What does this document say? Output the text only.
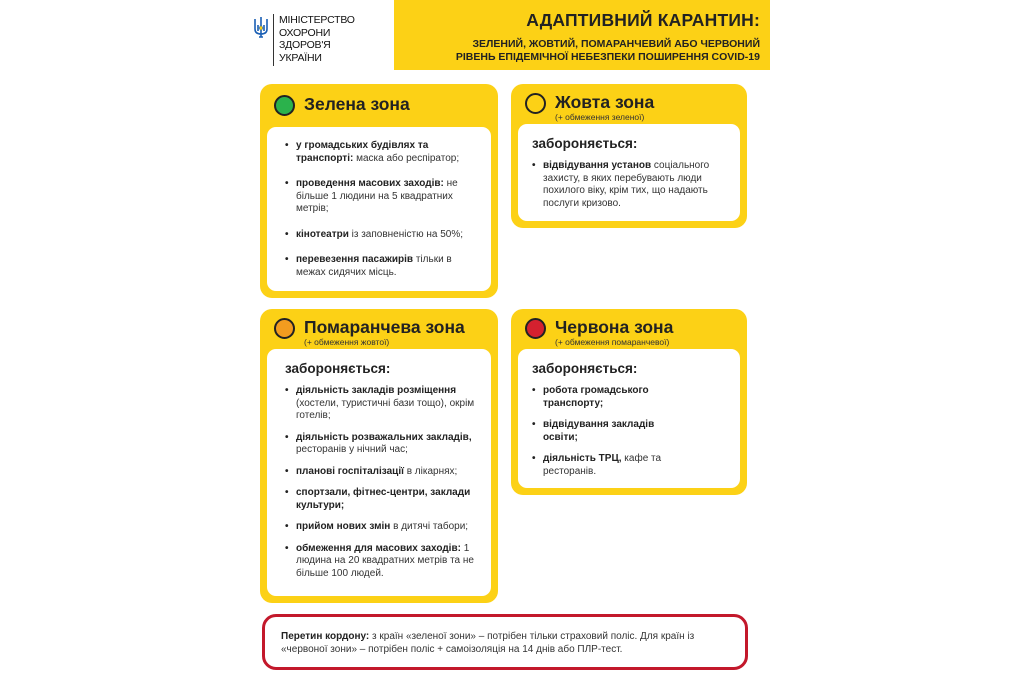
МІНІСТЕРСТВО
ОХОРОНИ
ЗДОРОВ'Я
УКРАЇНИ
АДАПТИВНИЙ КАРАНТИН:
ЗЕЛЕНИЙ, ЖОВТИЙ, ПОМАРАНЧЕВИЙ АБО ЧЕРВОНИЙ
РІВЕНЬ ЕПІДЕМІЧНОЇ НЕБЕЗПЕКИ ПОШИРЕННЯ COVID-19
Зелена зона
• у громадських будівлях та транспорті: маска або респіратор;
• проведення масових заходів: не більше 1 людини на 5 квадратних метрів;
• кінотеатри із заповненістю на 50%;
• перевезення пасажирів тільки в межах сидячих місць.
Жовта зона
(+ обмеження зеленої)
забороняється:
• відвідування установ соціального захисту, в яких перебувають люди похилого віку, крім тих, що надають послуги кризово.
Помаранчева зона
(+ обмеження жовтої)
забороняється:
• діяльність закладів розміщення (хостели, туристичні бази тощо), окрім готелів;
• діяльність розважальних закладів, ресторанів у нічний час;
• планові госпіталізації в лікарнях;
• спортзали, фітнес-центри, заклади культури;
• прийом нових змін в дитячі табори;
• обмеження для масових заходів: 1 людина на 20 квадратних метрів та не більше 100 людей.
Червона зона
(+ обмеження помаранчевої)
забороняється:
• робота громадського транспорту;
• відвідування закладів освіти;
• діяльність ТРЦ, кафе та ресторанів.

Перетин кордону: з країн «зеленої зони» – потрібен тільки страховий поліс. Для країн із «червоної зони» – потрібен поліс + самоізоляція на 14 днів або ПЛР-тест.
